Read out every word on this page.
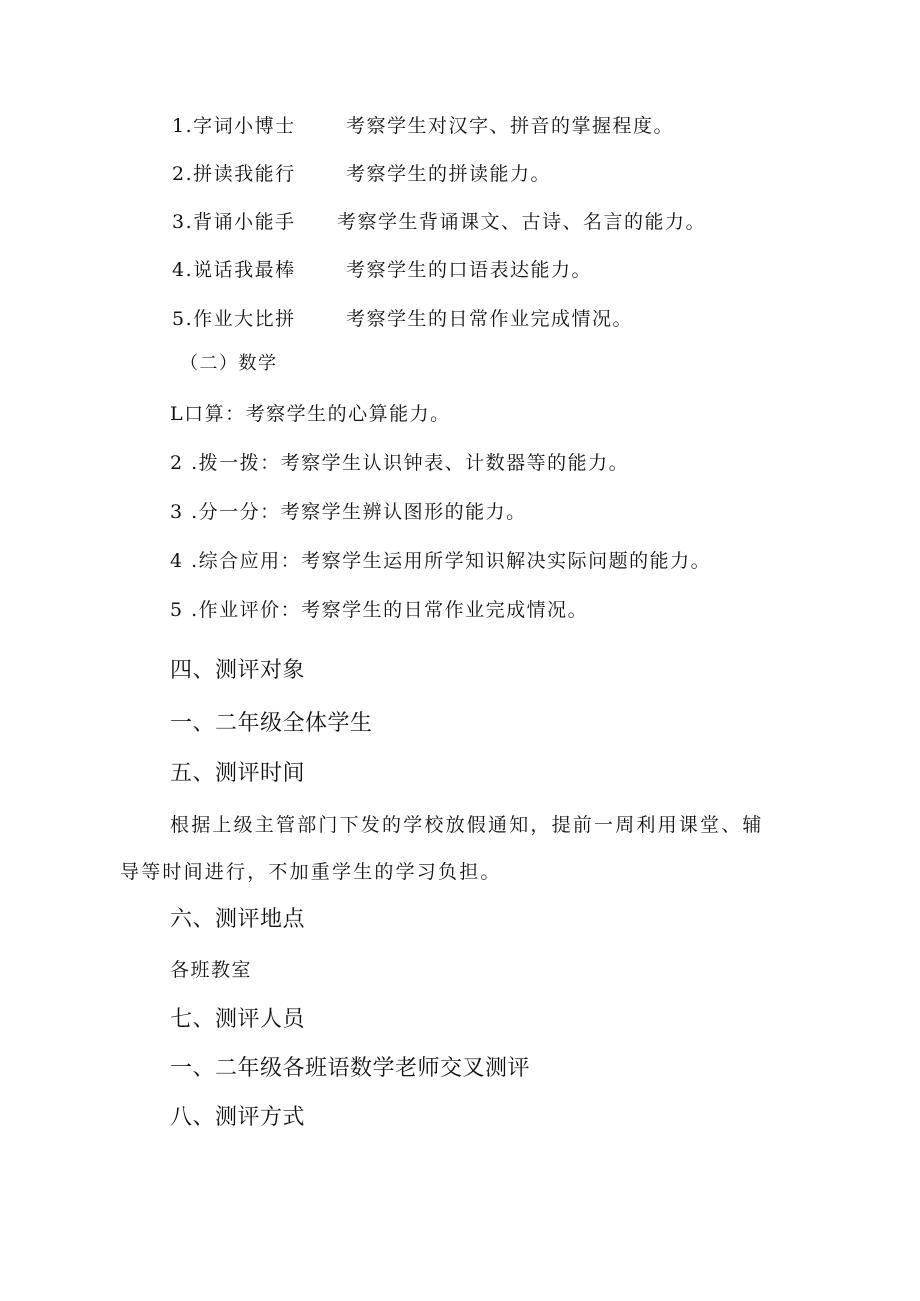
1.字词小博士	考察学生对汉字、拼音的掌握程度。
2.拼读我能行	考察学生的拼读能力。
3.背诵小能手 考察学生背诵课文、古诗、名言的能力。
4.说话我最棒	考察学生的口语表达能力。
5.作业大比拼	考察学生的日常作业完成情况。
（二）数学
L口算：考察学生的心算能力。
2 .拨一拨：考察学生认识钟表、计数器等的能力。
3 .分一分：考察学生辨认图形的能力。
4 .综合应用：考察学生运用所学知识解决实际问题的能力。
5 .作业评价：考察学生的日常作业完成情况。
四、测评对象
一、二年级全体学生
五、测评时间
根据上级主管部门下发的学校放假通知，提前一周利用课堂、辅
导等时间进行，不加重学生的学习负担。
六、测评地点
各班教室
七、测评人员
一、二年级各班语数学老师交叉测评
八、测评方式
